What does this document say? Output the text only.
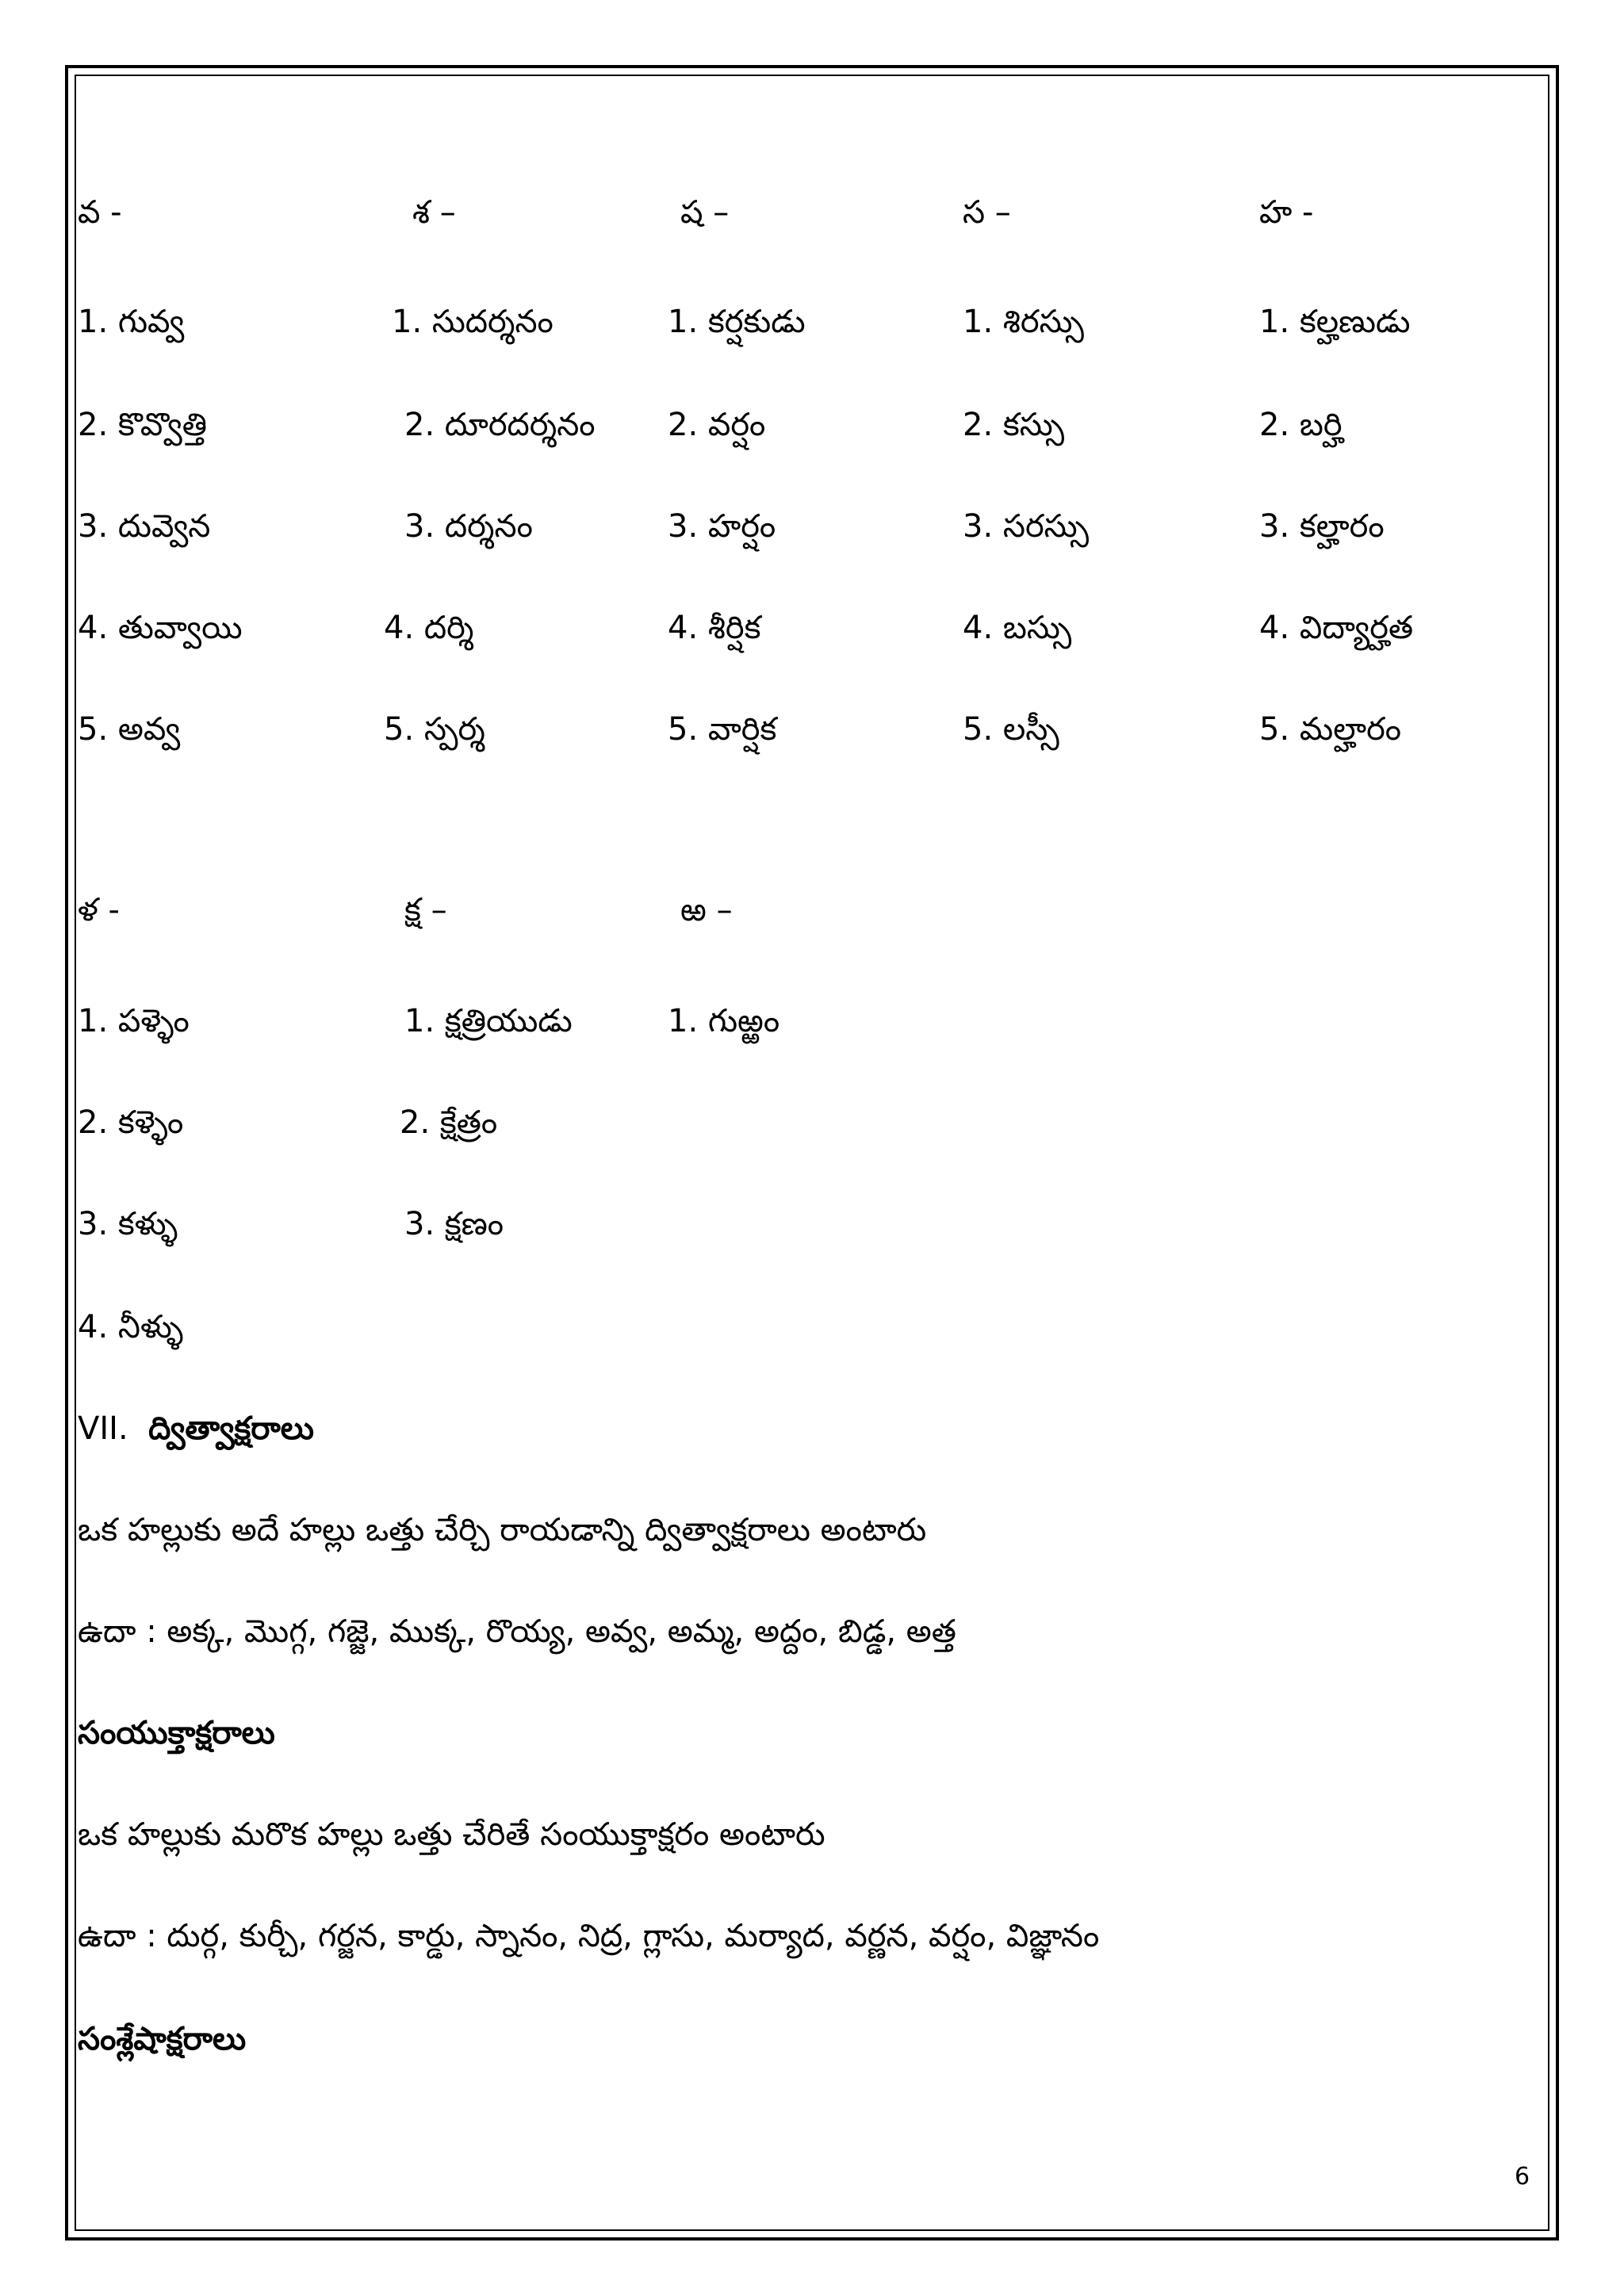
వ -
1. గువ్వ
2. కొవ్వొత్తి
3. దువ్వెన
4. తువ్వాయి
5. అవ్వ
శ –
1. సుదర్శనం
2. దూరదర్శనం
3. దర్శనం
4. దర్శి
5. స్పర్శ
ష –
1. కర్షకుడు
2. వర్షం
3. హర్షం
4. శీర్షిక
5. వార్షిక
స –
1. శిరస్సు
2. కస్సు
3. సరస్సు
4. బస్సు
5. లస్సీ
హ -
1. కల్హణుడు
2. బర్హి
3. కల్హారం
4. విద్యార్హత
5. మల్హారం
ళ -
1. పళ్ళెం
2. కళ్ళెం
3. కళ్ళు
4. నీళ్ళు
క్ష –
1. క్షత్రియుడు
2. క్షేత్రం
3. క్షణం
ఱ –
1. గుఱ్ఱం
VII. ద్విత్వాక్షరాలు
ఒక హల్లుకు అదే హల్లు ఒత్తు చేర్చి రాయడాన్ని ద్విత్వాక్షరాలు అంటారు
ఉదా : అక్క, మొగ్గ, గజ్జె, ముక్క, రొయ్య, అవ్వ, అమ్మ, అద్దం, బిడ్డ, అత్త
సంయుక్తాక్షరాలు
ఒక హల్లుకు మరొక హల్లు ఒత్తు చేరితే సంయుక్తాక్షరం అంటారు
ఉదా : దుర్గ, కుర్చీ, గర్జన, కార్డు, స్నానం, నిద్ర, గ్లాసు, మర్యాద, వర్ణన, వర్షం, విజ్ఞానం
సంశ్లేషాక్షరాలు
6
